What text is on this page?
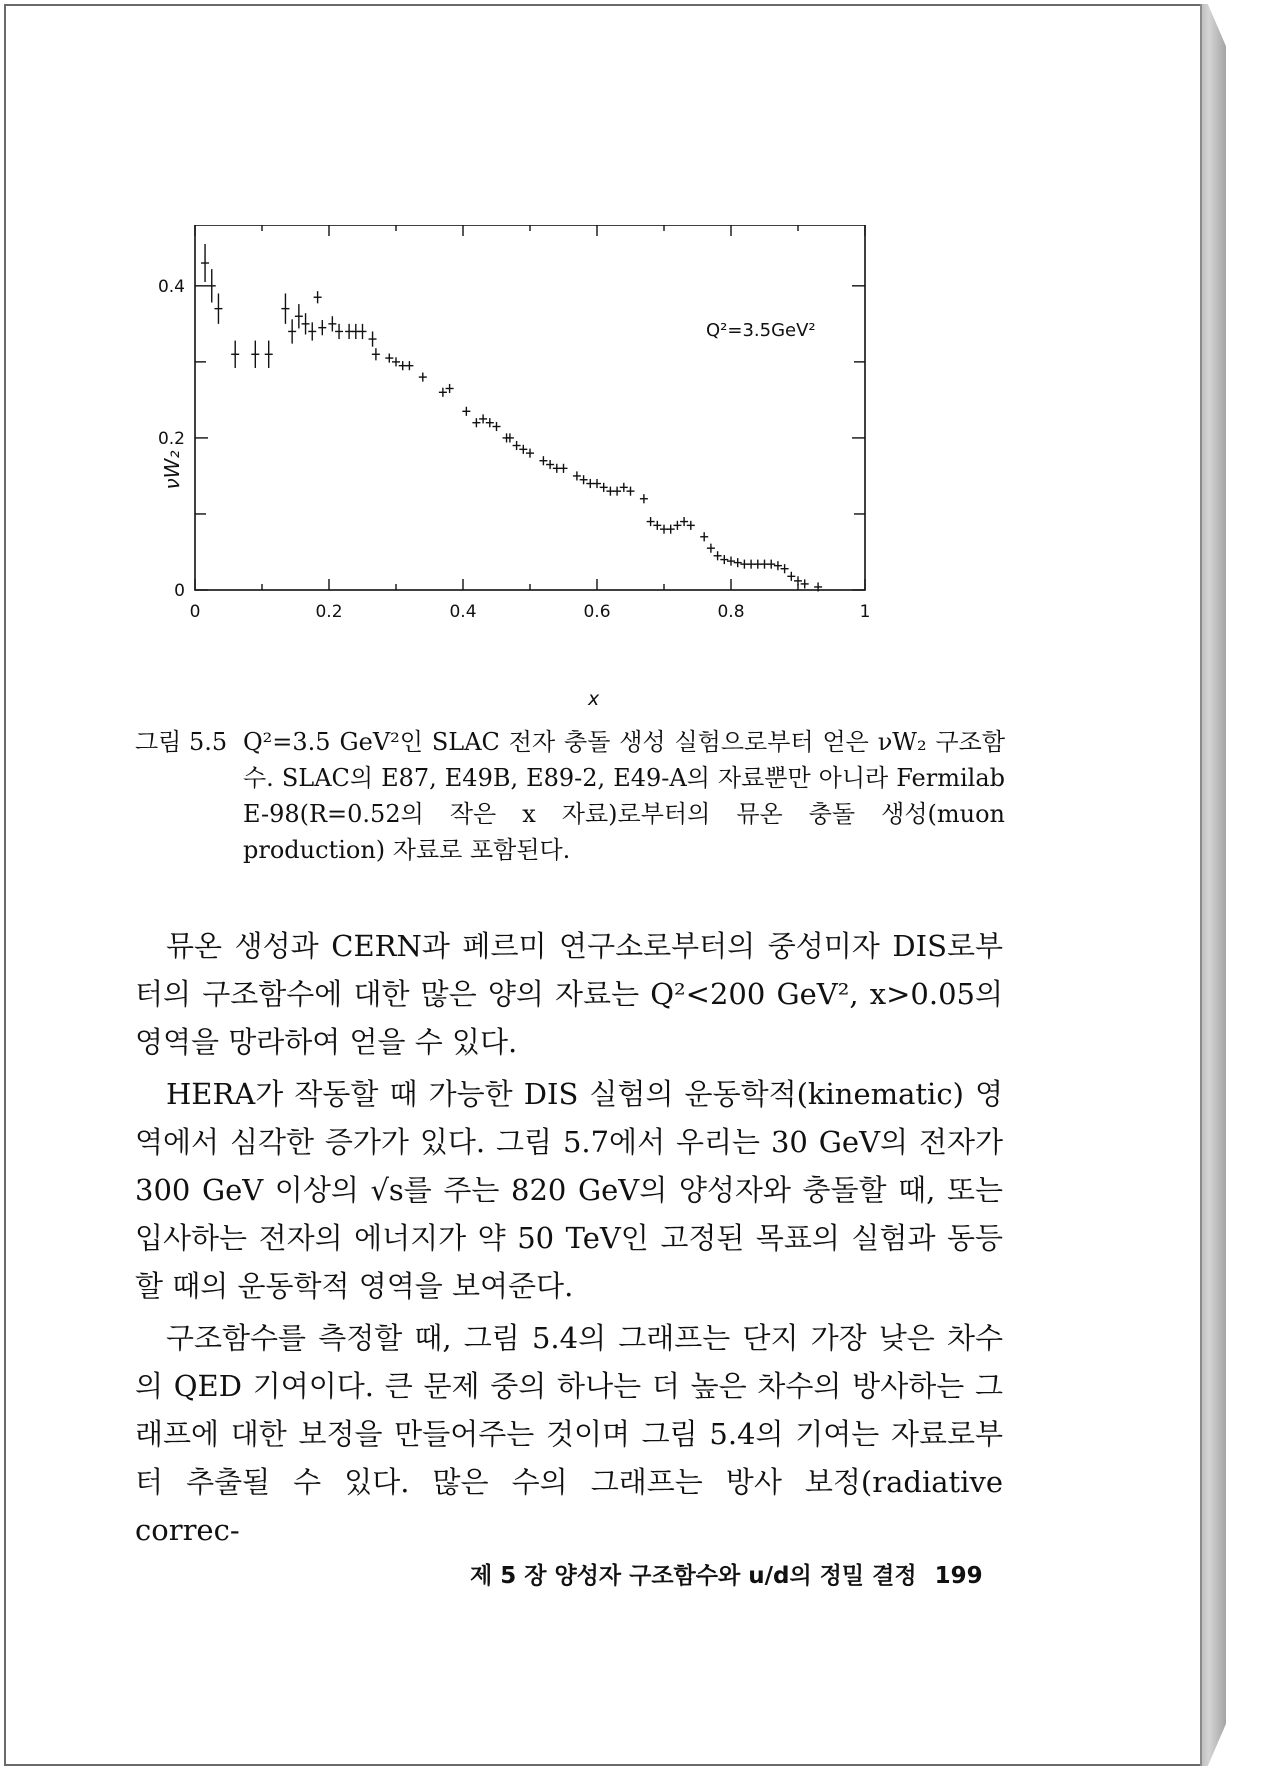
0	0.2	0.4	0.6	0.8	1
0
0.2
0.4
Q²=3.5GeV²
x
νW₂
그림 5.5 Q²=3.5 GeV²인 SLAC 전자 충돌 생성 실험으로부터 얻은 νW₂ 구조함수. SLAC의 E87, E49B, E89-2, E49-A의 자료뿐만 아니라 Fermilab E-98(R=0.52의 작은 x 자료)로부터의 뮤온 충돌 생성(muon production) 자료로 포함된다.

뮤온 생성과 CERN과 페르미 연구소로부터의 중성미자 DIS로부터의 구조함수에 대한 많은 양의 자료는 Q²<200 GeV², x>0.05의 영역을 망라하여 얻을 수 있다.

HERA가 작동할 때 가능한 DIS 실험의 운동학적(kinematic) 영역에서 심각한 증가가 있다. 그림 5.7에서 우리는 30 GeV의 전자가 300 GeV 이상의 √s를 주는 820 GeV의 양성자와 충돌할 때, 또는 입사하는 전자의 에너지가 약 50 TeV인 고정된 목표의 실험과 동등할 때의 운동학적 영역을 보여준다.

구조함수를 측정할 때, 그림 5.4의 그래프는 단지 가장 낮은 차수의 QED 기여이다. 큰 문제 중의 하나는 더 높은 차수의 방사하는 그래프에 대한 보정을 만들어주는 것이며 그림 5.4의 기여는 자료로부터 추출될 수 있다. 많은 수의 그래프는 방사 보정(radiative correc-

제 5 장 양성자 구조함수와 u/d의 정밀 결정 199
